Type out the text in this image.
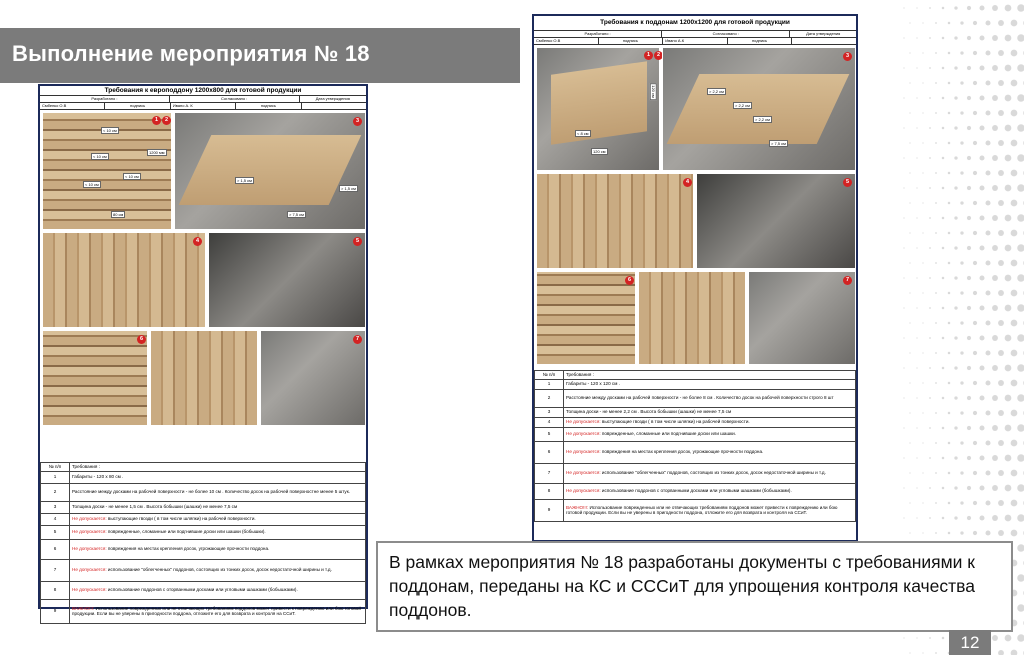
Выполнение мероприятия № 18
Требования к европоддону 1200х800 для готовой продукции
Разработано :	Согласовано :	Дата утверждения
Смбенко О.В	подпись	Ивано А. К	подпись
< 10 см
< 10 см
< 10 см
< 10 см
80 см
1200 мм
3
> 1,5 см
> 1,5 см
> 7,5 см
1	2
4	5
6	7
№ п/п	Требования :
1	Габариты - 120 х 80 см .
2	Расстояние между досками на рабочей поверхности - не более 10 см . Количество досок на рабочей поверхностне менее 5 штук.
3	Толщина доски - не менее 1,5 см . Высота бобышки (шашки) не менее 7,5 см
4	Не допускается: выступающие гвозди ( в том числе шляпки) на рабочей поверхности.
5	Не допускается: поврежденные, сломанные или подгнившие доски или шашки (бобышки).
6	Не допускается: повреждения на местах крепления досок, угрожающие прочности поддона.
7	Не допускается: использование "облегченных" поддонов, состоящих из тонких досок, досок недостаточной ширины и т.д.
8	Не допускается: использование поддонов с оторванными досками или угловыми шашками (бобышками).
9	ВАЖНО!!!: Использование поврежденных или не отвечающих требованиям поддонов может привести к повреждению или бою готовой продукции. Если вы не уверены в пригодности поддона, отложите его для возврата и контроля на ССиТ.
Требования к поддонам 1200х1200 для готовой продукции
Разработано :	Согласовано :	Дата утверждения
Смбенко О.В	подпись	Ивано А.К	подпись
< 8 см
120 см
120 см
1	2	3
> 2,2 см
> 2,2 см
> 2,2 см
> 7,5 см
4	5
6	7
№ п/п	Требования :
1	Габариты - 120 х 120 см .
2	Расстояние между досками на рабочей поверхности - не более 8 см . Количество досок на рабочей поверхности строго 8 шт
3	Толщина доски - не менее 2,2 см . Высота бобышки (шашки) не менее 7,5 см
4	Не допускается: выступающие гвозди ( в том числе шляпки) на рабочей поверхности.
5	Не допускается: поврежденные, сломанные или подгнившие доски или шашки.
6	Не допускается: повреждения на местах крепления досок, угрожающие прочности поддона.
7	Не допускается: использование "облегченных" поддонов, состоящих из тонких досок, досок недостаточной ширины и т.д.
8	Не допускается: использование поддонов с оторванными досками или угловыми шашками (бобышками).
9	ВАЖНО!!!: Использование поврежденных или не отвечающих требованиям поддонов может привести к повреждению или бою готовой продукции. Если вы не уверены в пригодности поддона, отложите его для возврата и контроля на ССиТ.
В рамках мероприятия № 18 разработаны документы с требованиями к поддонам, переданы на КС и СССиТ для упрощения контроля качества поддонов.
12
